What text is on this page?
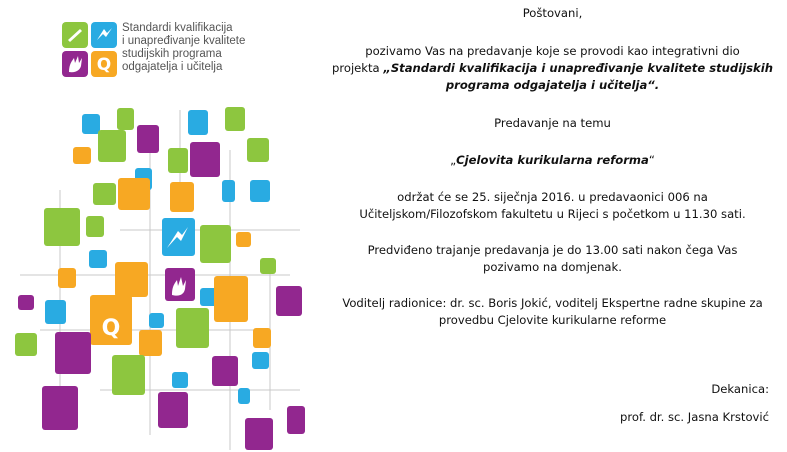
Q
Standardi kvalifikacija
i unapređivanje kvalitete
studijskih programa
odgajatelja i učitelja
Q
Poštovani,
pozivamo Vas na predavanje koje se provodi kao integrativni dio
projekta „Standardi kvalifikacija i unapređivanje kvalitete studijskih
programa odgajatelja i učitelja“.
Predavanje na temu
„Cjelovita kurikularna reforma“
održat će se 25. siječnja 2016. u predavaonici 006 na
Učiteljskom/Filozofskom fakultetu u Rijeci s početkom u 11.30 sati.
Predviđeno trajanje predavanja je do 13.00 sati nakon čega Vas
pozivamo na domjenak.
Voditelj radionice: dr. sc. Boris Jokić, voditelj Ekspertne radne skupine za
provedbu Cjelovite kurikularne reforme
Dekanica:
prof. dr. sc. Jasna Krstović
